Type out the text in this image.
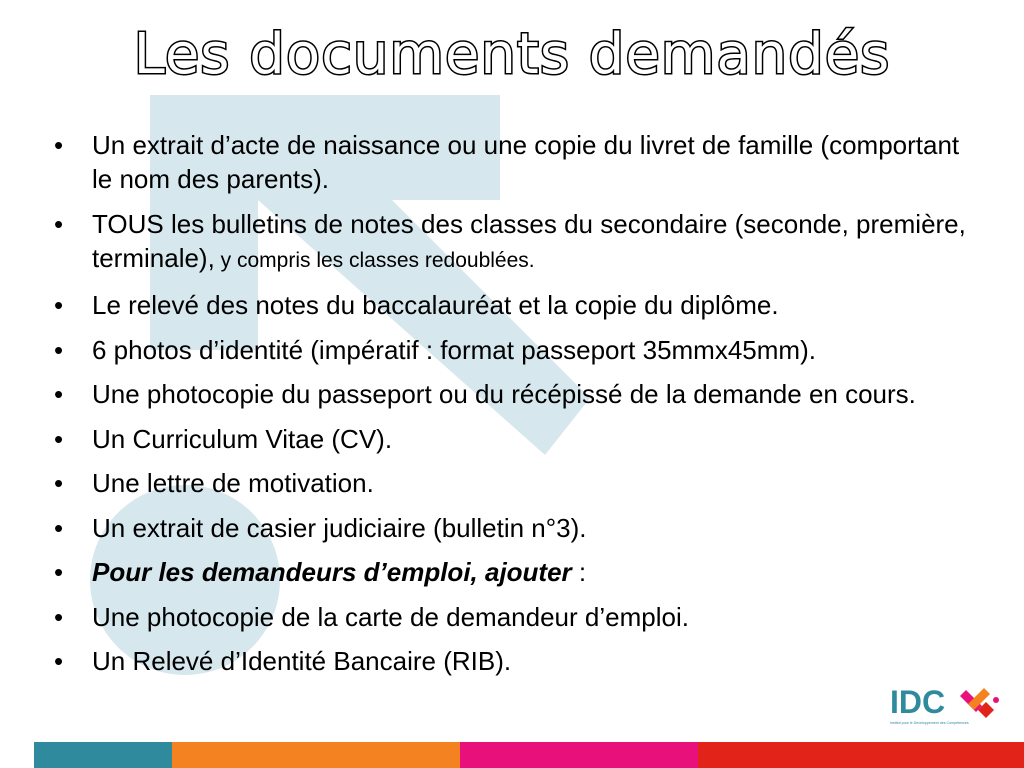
Les documents demandés
• Un extrait d’acte de naissance ou une copie du livret de famille (comportant le nom des parents).
• TOUS les bulletins de notes des classes du secondaire (seconde, première, terminale), y compris les classes redoublées.
• Le relevé des notes du baccalauréat et la copie du diplôme.
• 6 photos d’identité (impératif : format passeport 35mmx45mm).
• Une photocopie du passeport ou du récépissé de la demande en cours.
• Un Curriculum Vitae (CV).
• Une lettre de motivation.
• Un extrait de casier judiciaire (bulletin n°3).
• Pour les demandeurs d’emploi, ajouter :
• Une photocopie de la carte de demandeur d’emploi.
• Un Relevé d’Identité Bancaire (RIB).
IDC
Institut pour le Développement des Compétences
